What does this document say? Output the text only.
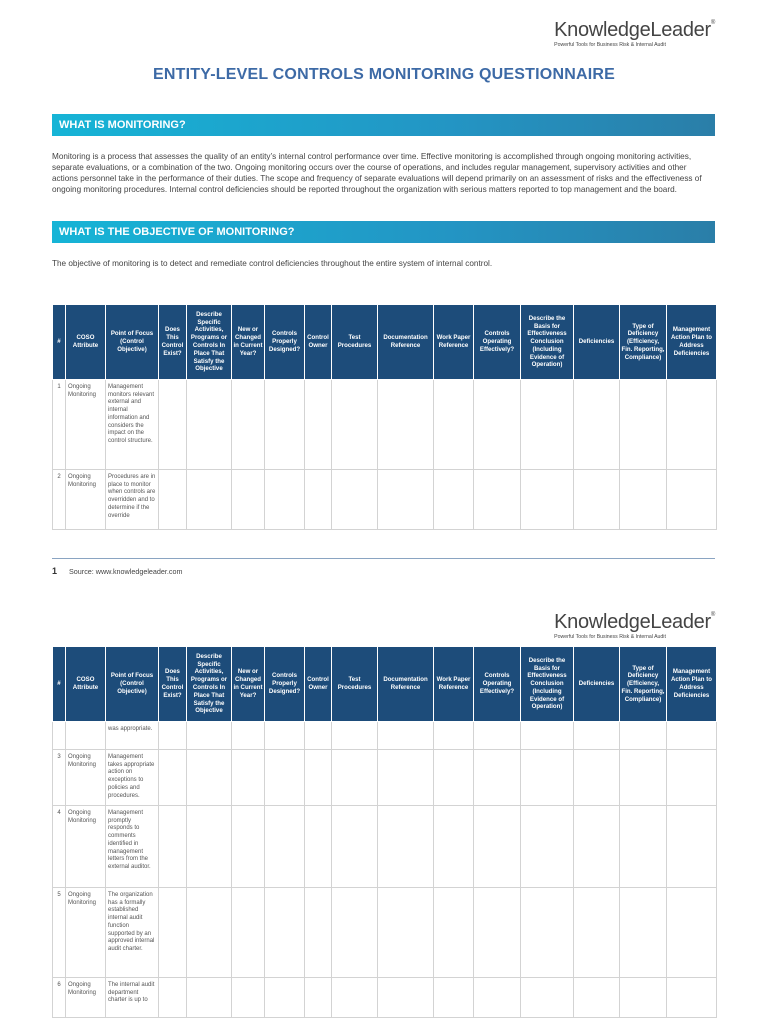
KnowledgeLeader®
Powerful Tools for Business Risk & Internal Audit
ENTITY-LEVEL CONTROLS MONITORING QUESTIONNAIRE
WHAT IS MONITORING?
Monitoring is a process that assesses the quality of an entity’s internal control performance over time. Effective monitoring is accomplished through ongoing monitoring activities, separate evaluations, or a combination of the two. Ongoing monitoring occurs over the course of operations, and includes regular management, supervisory activities and other actions personnel take in the performance of their duties. The scope and frequency of separate evaluations will depend primarily on an assessment of risks and the effectiveness of ongoing monitoring procedures. Internal control deficiencies should be reported throughout the organization with serious matters reported to top management and the board.
WHAT IS THE OBJECTIVE OF MONITORING?
The objective of monitoring is to detect and remediate control deficiencies throughout the entire system of internal control.
#	COSO Attribute	Point of Focus (Control Objective)	Does This Control Exist?	Describe Specific Activities, Programs or Controls In Place That Satisfy the Objective	New or Changed in Current Year?	Controls Properly Designed?	Control Owner	Test Procedures	Documentation Reference	Work Paper Reference	Controls Operating Effectively?	Describe the Basis for Effectiveness Conclusion (Including Evidence of Operation)	Deficiencies	Type of Deficiency (Efficiency, Fin. Reporting, Compliance)	Management Action Plan to Address Deficiencies
1	Ongoing Monitoring	Management monitors relevant external and internal information and considers the impact on the control structure.													
2	Ongoing Monitoring	Procedures are in place to monitor when controls are overridden and to determine if the override													
1 Source: www.knowledgeleader.com
KnowledgeLeader®
Powerful Tools for Business Risk & Internal Audit
#	COSO Attribute	Point of Focus (Control Objective)	Does This Control Exist?	Describe Specific Activities, Programs or Controls In Place That Satisfy the Objective	New or Changed in Current Year?	Controls Properly Designed?	Control Owner	Test Procedures	Documentation Reference	Work Paper Reference	Controls Operating Effectively?	Describe the Basis for Effectiveness Conclusion (Including Evidence of Operation)	Deficiencies	Type of Deficiency (Efficiency, Fin. Reporting, Compliance)	Management Action Plan to Address Deficiencies
		was appropriate.													
3	Ongoing Monitoring	Management takes appropriate action on exceptions to policies and procedures.													
4	Ongoing Monitoring	Management promptly responds to comments identified in management letters from the external auditor.													
5	Ongoing Monitoring	The organization has a formally established internal audit function supported by an approved internal audit charter.													
6	Ongoing Monitoring	The internal audit department charter is up to													
